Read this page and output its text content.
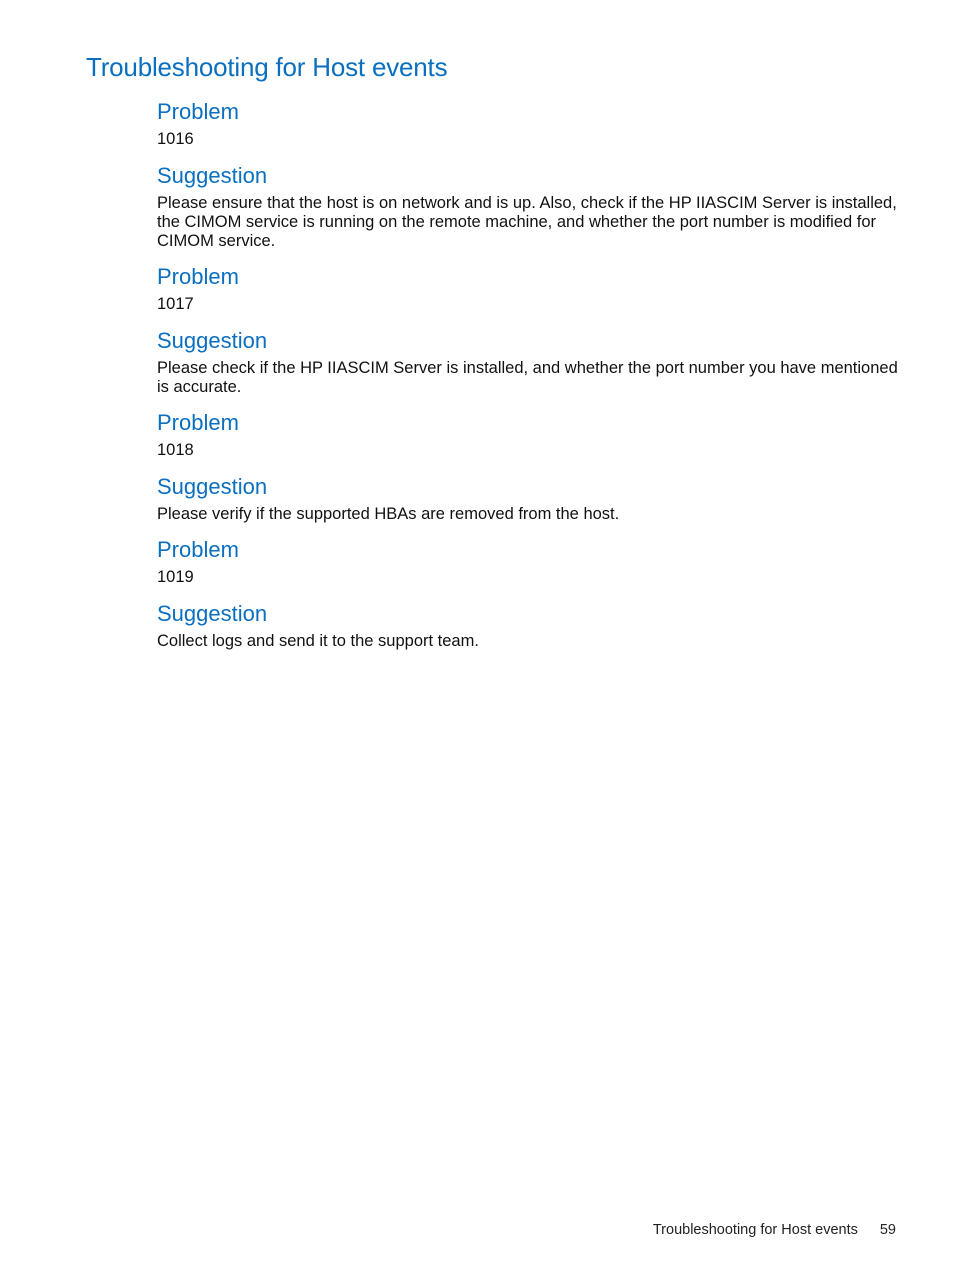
Troubleshooting for Host events
Problem

1016

Suggestion

Please ensure that the host is on network and is up. Also, check if the HP IIASCIM Server is installed, the CIMOM service is running on the remote machine, and whether the port number is modified for CIMOM service.

Problem

1017

Suggestion

Please check if the HP IIASCIM Server is installed, and whether the port number you have mentioned is accurate.

Problem

1018

Suggestion

Please verify if the supported HBAs are removed from the host.

Problem

1019

Suggestion

Collect logs and send it to the support team.

Troubleshooting for Host events 59
